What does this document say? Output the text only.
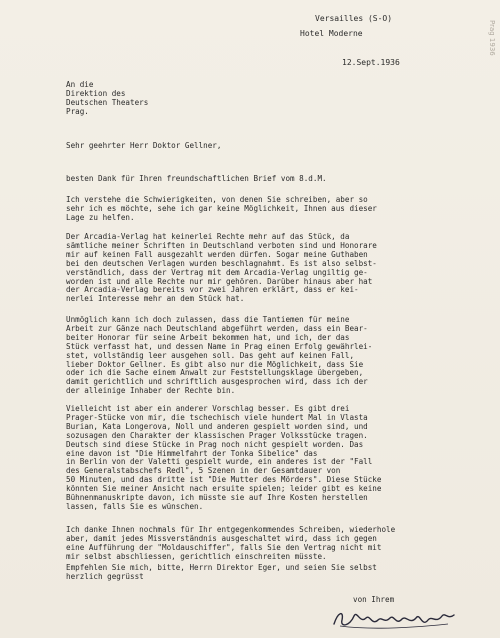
Versailles (S-O)
Hotel Moderne
12.Sept.1936
An die
Direktion des
Deutschen Theaters
Prag.
Sehr geehrter Herr Doktor Gellner,
besten Dank für Ihren freundschaftlichen Brief vom 8.d.M.
Ich verstehe die Schwierigkeiten, von denen Sie schreiben, aber so
sehr ich es möchte, sehe ich gar keine Möglichkeit, Ihnen aus dieser
Lage zu helfen.
Der Arcadia-Verlag hat keinerlei Rechte mehr auf das Stück, da
sämtliche meiner Schriften in Deutschland verboten sind und Honorare
mir auf keinen Fall ausgezahlt werden dürfen. Sogar meine Guthaben
bei den deutschen Verlagen wurden beschlagnahmt. Es ist also selbst-
verständlich, dass der Vertrag mit dem Arcadia-Verlag ungiltig ge-
worden ist und alle Rechte nur mir gehören. Darüber hinaus aber hat
der Arcadia-Verlag bereits vor zwei Jahren erklärt, dass er kei-
nerlei Interesse mehr an dem Stück hat.
Unmöglich kann ich doch zulassen, dass die Tantiemen für meine
Arbeit zur Gänze nach Deutschland abgeführt werden, dass ein Bear-
beiter Honorar für seine Arbeit bekommen hat, und ich, der das
Stück verfasst hat, und dessen Name in Prag einen Erfolg gewährlei-
stet, vollständig leer ausgehen soll. Das geht auf keinen Fall,
lieber Doktor Gellner. Es gibt also nur die Möglichkeit, dass Sie
oder ich die Sache einem Anwalt zur Feststellungsklage übergeben,
damit gerichtlich und schriftlich ausgesprochen wird, dass ich der
der alleinige Inhaber der Rechte bin.
Vielleicht ist aber ein anderer Vorschlag besser. Es gibt drei
Prager-Stücke von mir, die tschechisch viele hundert Mal in Vlasta
Burian, Kata Longerova, Noll und anderen gespielt worden sind, und
sozusagen den Charakter der klassischen Prager Volksstücke tragen.
Deutsch sind diese Stücke in Prag noch nicht gespielt worden. Das
eine davon ist "Die Himmelfahrt der Tonka Sibelice" das
in Berlin von der Valetti gespielt wurde, ein anderes ist der "Fall
des Generalstabschefs Redl", 5 Szenen in der Gesamtdauer von
50 Minuten, und das dritte ist "Die Mutter des Mörders". Diese Stücke
könnten Sie meiner Ansicht nach ersuite spielen; leider gibt es keine
Bühnenmanuskripte davon, ich müsste sie auf Ihre Kosten herstellen
lassen, falls Sie es wünschen.
Ich danke Ihnen nochmals für Ihr entgegenkommendes Schreiben, wiederhole
aber, damit jedes Missverständnis ausgeschaltet wird, dass ich gegen
eine Aufführung der "Moldauschiffer", falls Sie den Vertrag nicht mit
mir selbst abschliessen, gerichtlich einschreiten müsste.
Empfehlen Sie mich, bitte, Herrn Direktor Eger, und seien Sie selbst
herzlich gegrüsst
von Ihrem
Prag 1936
